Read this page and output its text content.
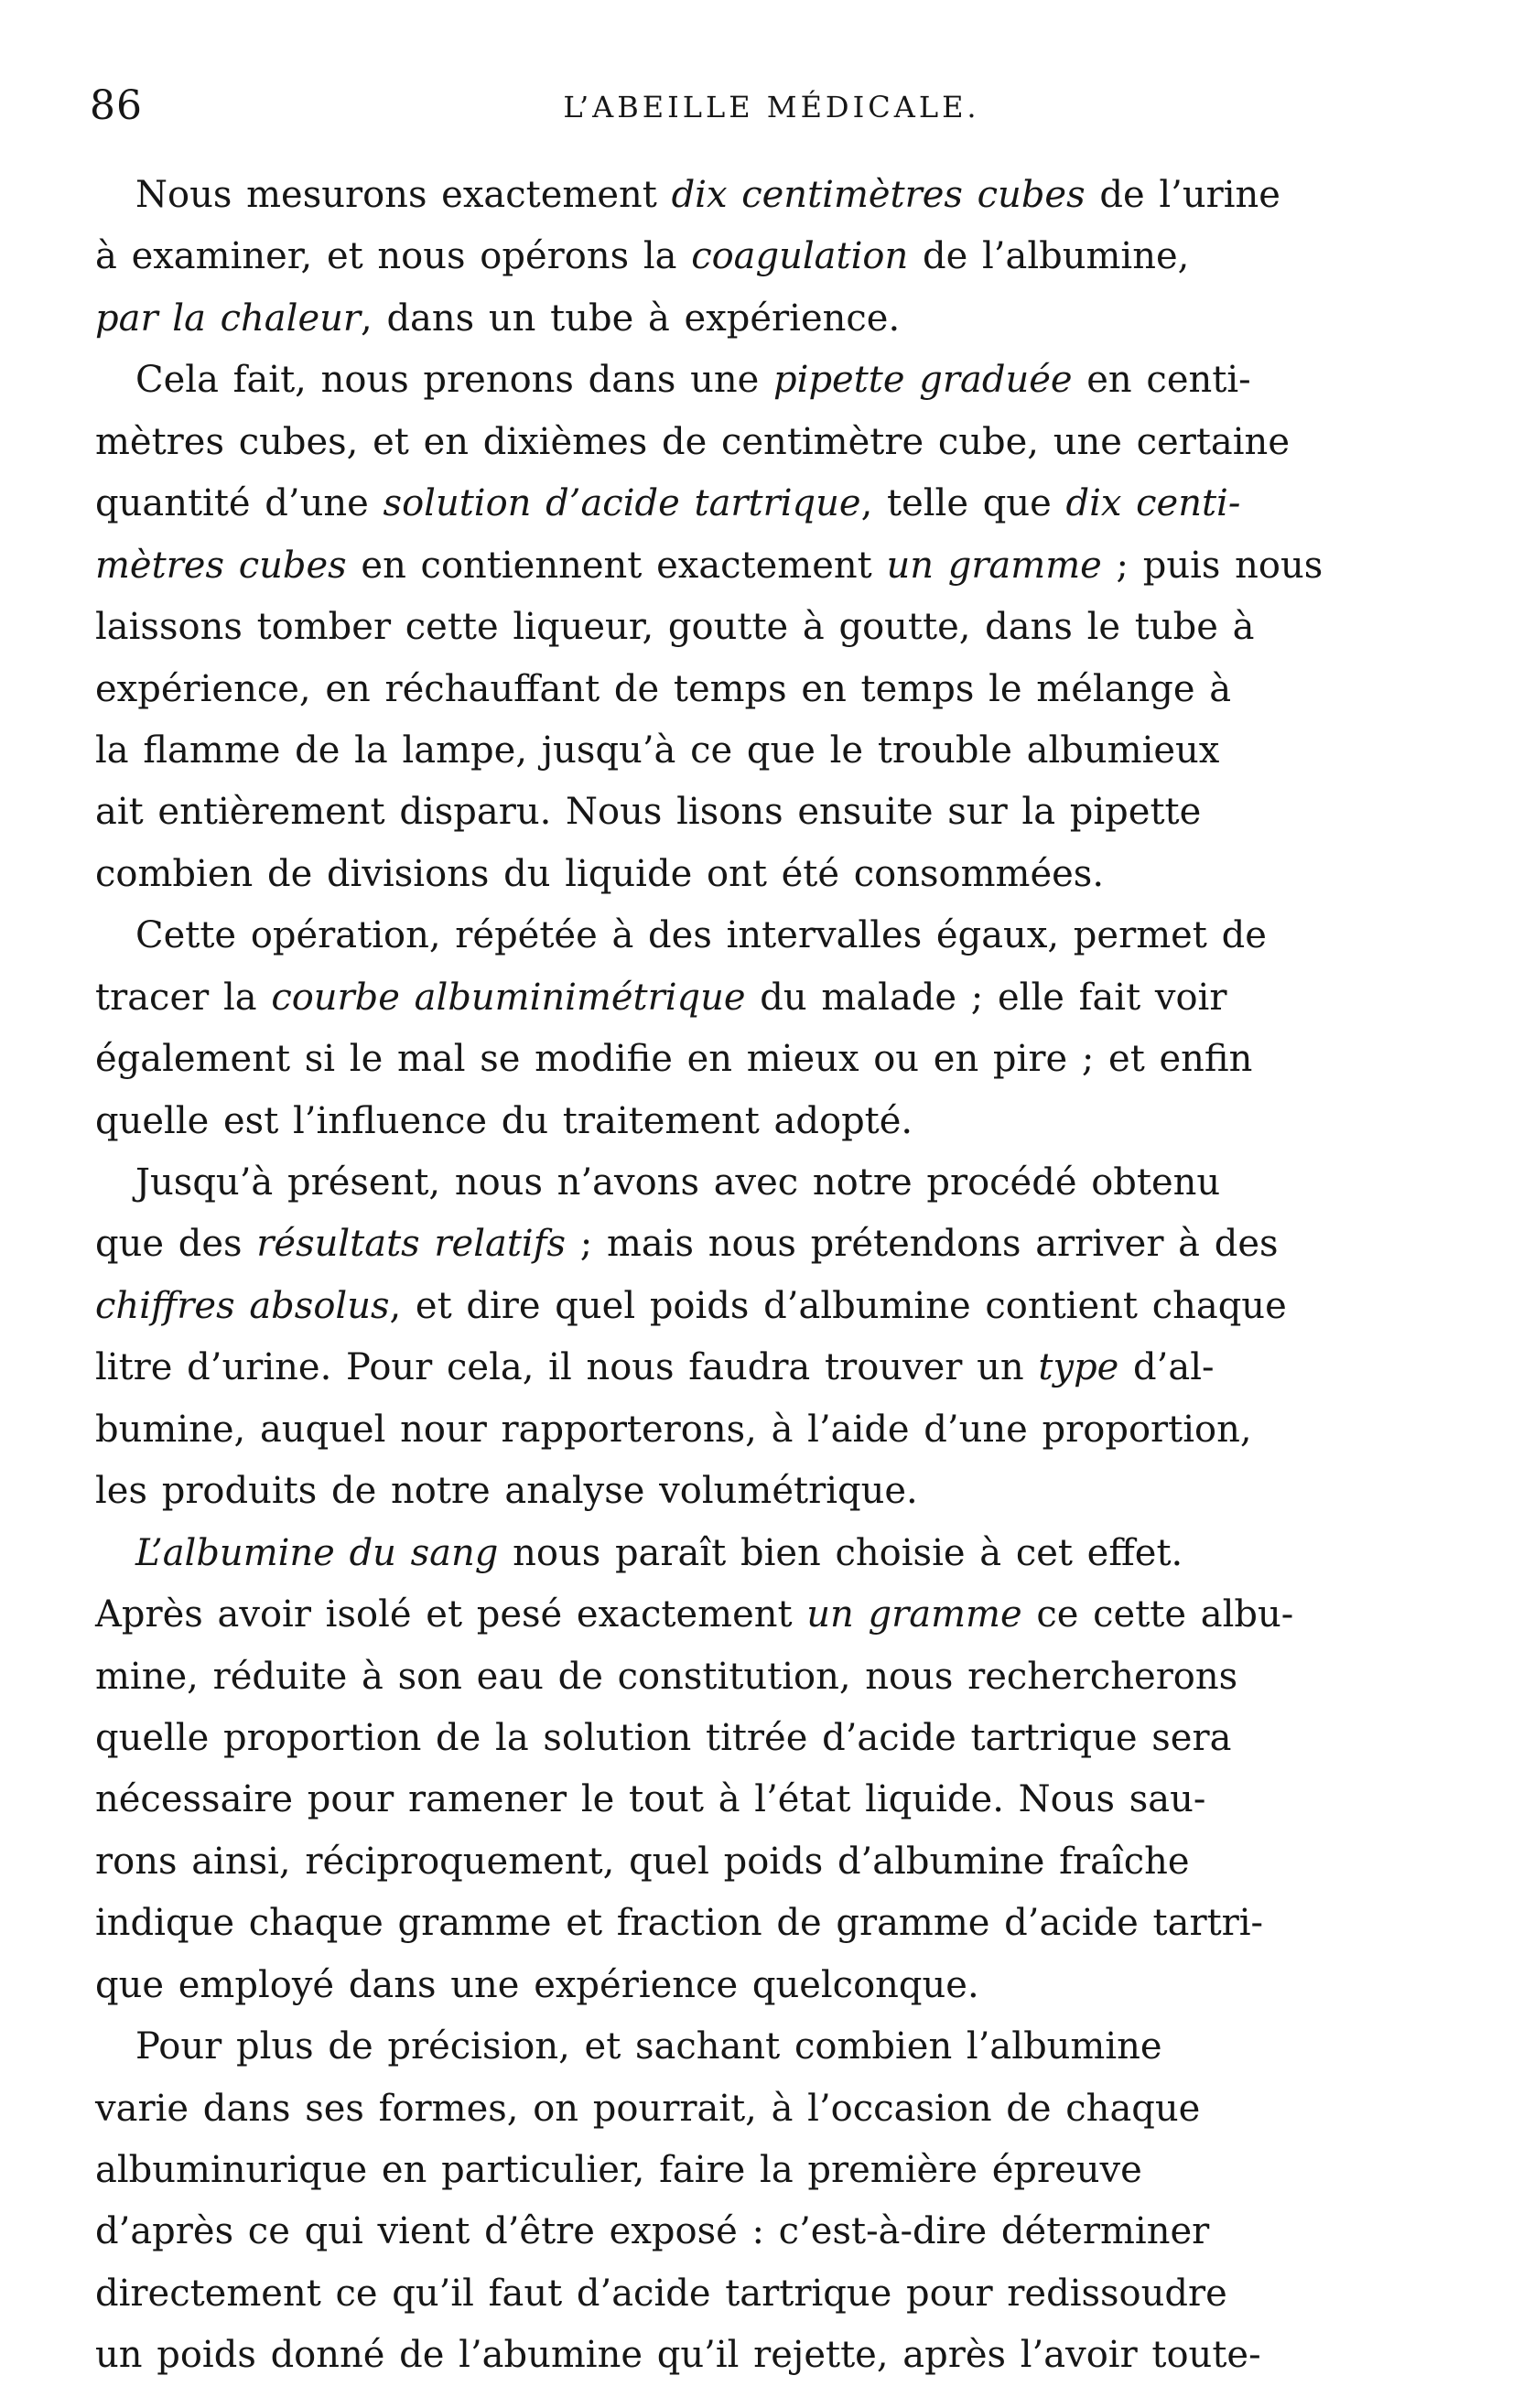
86	L’ABEILLE MÉDICALE.
Nous mesurons exactement dix centimètres cubes de l’urine
à examiner, et nous opérons la coagulation de l’albumine,
par la chaleur, dans un tube à expérience.
Cela fait, nous prenons dans une pipette graduée en centi-
mètres cubes, et en dixièmes de centimètre cube, une certaine
quantité d’une solution d’acide tartrique, telle que dix centi-
mètres cubes en contiennent exactement un gramme ; puis nous
laissons tomber cette liqueur, goutte à goutte, dans le tube à
expérience, en réchauffant de temps en temps le mélange à
la flamme de la lampe, jusqu’à ce que le trouble albumieux
ait entièrement disparu. Nous lisons ensuite sur la pipette
combien de divisions du liquide ont été consommées.
Cette opération, répétée à des intervalles égaux, permet de
tracer la courbe albuminimétrique du malade ; elle fait voir
également si le mal se modifie en mieux ou en pire ; et enfin
quelle est l’influence du traitement adopté.
Jusqu’à présent, nous n’avons avec notre procédé obtenu
que des résultats relatifs ; mais nous prétendons arriver à des
chiffres absolus, et dire quel poids d’albumine contient chaque
litre d’urine. Pour cela, il nous faudra trouver un type d’al-
bumine, auquel nour rapporterons, à l’aide d’une proportion,
les produits de notre analyse volumétrique.
L’albumine du sang nous paraît bien choisie à cet effet.
Après avoir isolé et pesé exactement un gramme ce cette albu-
mine, réduite à son eau de constitution, nous rechercherons
quelle proportion de la solution titrée d’acide tartrique sera
nécessaire pour ramener le tout à l’état liquide. Nous sau-
rons ainsi, réciproquement, quel poids d’albumine fraîche
indique chaque gramme et fraction de gramme d’acide tartri-
que employé dans une expérience quelconque.
Pour plus de précision, et sachant combien l’albumine
varie dans ses formes, on pourrait, à l’occasion de chaque
albuminurique en particulier, faire la première épreuve
d’après ce qui vient d’être exposé : c’est-à-dire déterminer
directement ce qu’il faut d’acide tartrique pour redissoudre
un poids donné de l’abumine qu’il rejette, après l’avoir toute-
